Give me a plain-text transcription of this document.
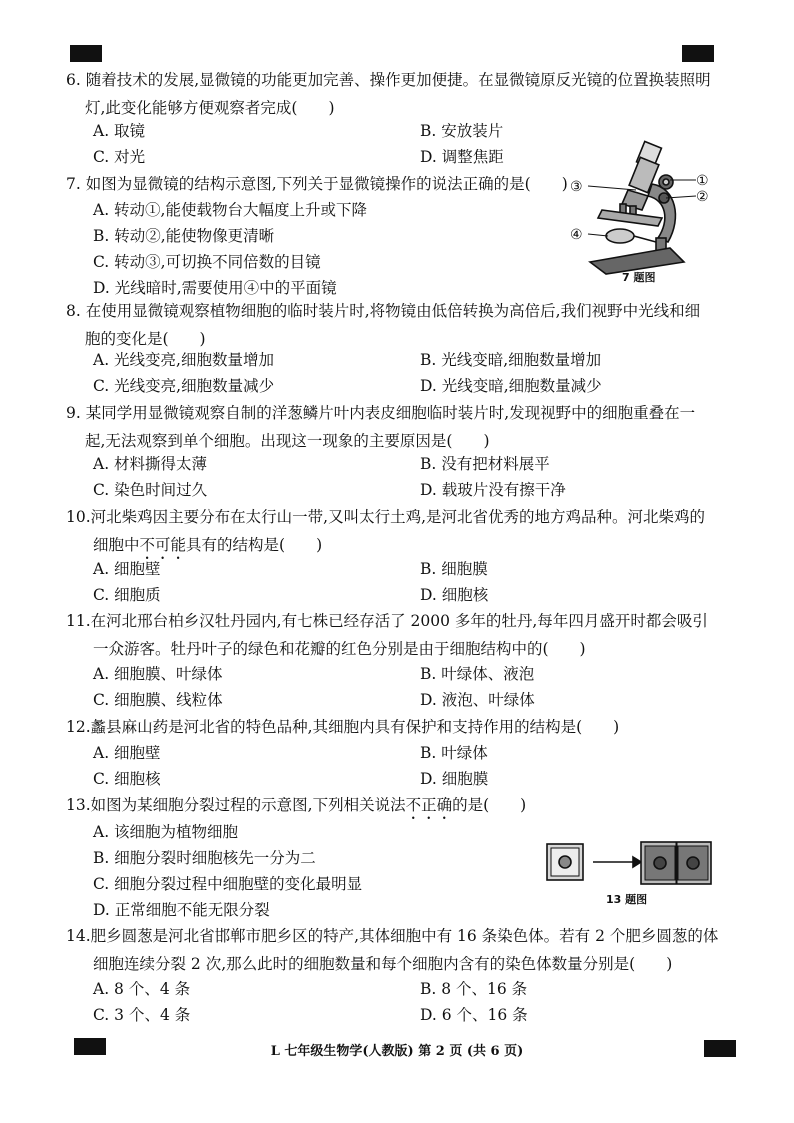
6. 随着技术的发展,显微镜的功能更加完善、操作更加便捷。在显微镜原反光镜的位置换装照明
灯,此变化能够方便观察者完成(　　)
A. 取镜	B. 安放装片
C. 对光	D. 调整焦距
7. 如图为显微镜的结构示意图,下列关于显微镜操作的说法正确的是(　　)
A. 转动①,能使载物台大幅度上升或下降
B. 转动②,能使物像更清晰
C. 转动③,可切换不同倍数的目镜
D. 光线暗时,需要使用④中的平面镜
①
②
③
④
7 题图
8. 在使用显微镜观察植物细胞的临时装片时,将物镜由低倍转换为高倍后,我们视野中光线和细
胞的变化是(　　)
A. 光线变亮,细胞数量增加	B. 光线变暗,细胞数量增加
C. 光线变亮,细胞数量减少	D. 光线变暗,细胞数量减少
9. 某同学用显微镜观察自制的洋葱鳞片叶内表皮细胞临时装片时,发现视野中的细胞重叠在一
起,无法观察到单个细胞。出现这一现象的主要原因是(　　)
A. 材料撕得太薄	B. 没有把材料展平
C. 染色时间过久	D. 载玻片没有擦干净
10.河北柴鸡因主要分布在太行山一带,又叫太行土鸡,是河北省优秀的地方鸡品种。河北柴鸡的
细胞中不可能具有的结构是(　　)
A. 细胞壁	B. 细胞膜
C. 细胞质	D. 细胞核
11.在河北邢台柏乡汉牡丹园内,有七株已经存活了 2000 多年的牡丹,每年四月盛开时都会吸引
一众游客。牡丹叶子的绿色和花瓣的红色分别是由于细胞结构中的(　　)
A. 细胞膜、叶绿体	B. 叶绿体、液泡
C. 细胞膜、线粒体	D. 液泡、叶绿体
12.蠡县麻山药是河北省的特色品种,其细胞内具有保护和支持作用的结构是(　　)
A. 细胞壁	B. 叶绿体
C. 细胞核	D. 细胞膜
13.如图为某细胞分裂过程的示意图,下列相关说法不正确的是(　　)
A. 该细胞为植物细胞
B. 细胞分裂时细胞核先一分为二
C. 细胞分裂过程中细胞壁的变化最明显
D. 正常细胞不能无限分裂
13 题图
14.肥乡圆葱是河北省邯郸市肥乡区的特产,其体细胞中有 16 条染色体。若有 2 个肥乡圆葱的体
细胞连续分裂 2 次,那么此时的细胞数量和每个细胞内含有的染色体数量分别是(　　)
A. 8 个、4 条	B. 8 个、16 条
C. 3 个、4 条	D. 6 个、16 条
L 七年级生物学(人教版) 第 2 页 (共 6 页)
